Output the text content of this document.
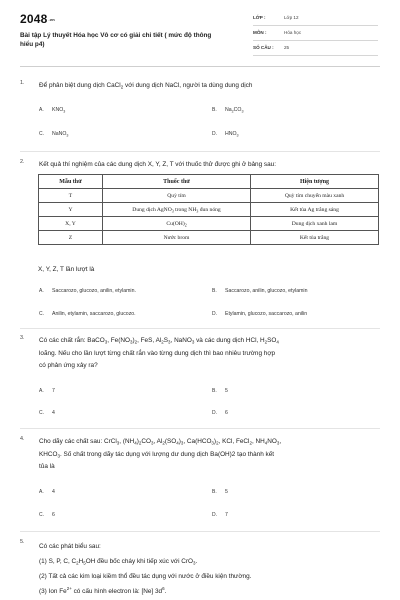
2048.vn
Bài tập Lý thuyết Hóa học Vô cơ có giải chi tiết ( mức độ thông hiểu p4)
LỚP :	Lớp 12
MÔN :	Hóa học
SỐ CÂU : 25
1. Để phân biệt dung dịch CaCl$_2$ với dung dịch NaCl, người ta dùng dung dịch
A. $KNO_3$	B. $Na_2CO_3$
C. NaNO$_3$	D. $HNO_3$
2. Kết quả thí nghiệm của các dung dịch X, Y, Z, T với thuốc thử được ghi ở bảng sau:
Mẫu thử	Thuốc thử	Hiện tượng
T	Quỳ tím	Quỳ tím chuyển màu xanh
Y	Dung dịch AgNO$_3$ trong $NH_3$ đun nóng	Kết tủa Ag trắng sáng
X, Y	$Cu(OH)_2$	Dung dịch xanh lam
Z	Nước brom	Kết tủa trắng
X, Y, Z, T lần lượt là
A. Saccarozo, glucozo, anilin, etylamin.	B. Saccarozo, anilin, glucozo, etylamin
C. Anilin, etylamin, saccarozo, glucozo.	D. Etylamin, glucozo, saccarozo, anilin
3. Có các chất rắn: BaCO$_3$, $Fe(NO_3)_2$, FeS, $Al_2S_3$, NaNO$_3$ và các dung dịch HCl, $H_2SO_4$
loãng. Nếu cho lần lượt từng chất rắn vào từng dung dịch thì bao nhiêu trường hợp
có phản ứng xảy ra?
A. 7	B. 5
C. 4	D. 6
4. Cho dãy các chất sau: CrCl$_3$, $(NH_4)_2CO_3$, $Al_2(SO_4)_3$, $Ca(HCO_3)_2$, KCl, FeCl$_2$, $NH_4NO_3$,
$KHCO_3$. Số chất trong dãy tác dụng với lượng dư dung dịch Ba(OH)2 tạo thành kết
tủa là
A. 4	B. 5
C. 6	D. 7
5.
Có các phát biểu sau:
(1) S, P, C, $C_2H_5OH$ đều bốc cháy khi tiếp xúc với CrO$_3$.
(2) Tất cả các kim loại kiềm thổ đều tác dụng với nước ở điều kiện thường.
(3) Ion $Fe^{2+}$ có cấu hình electron là: [Ne] $3d^6$.
